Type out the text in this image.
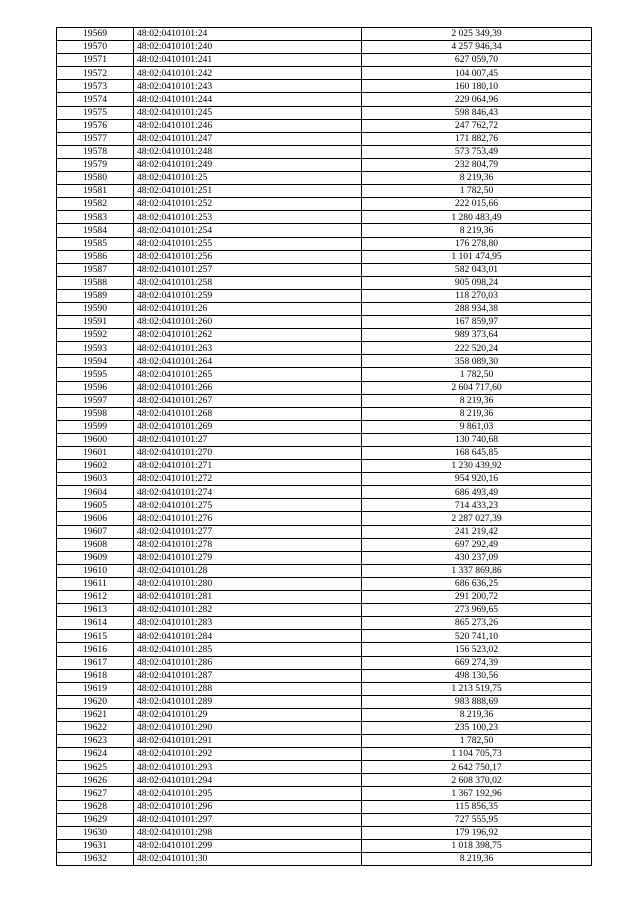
19569	48:02:0410101:24	2 025 349,39
19570	48:02:0410101:240	4 257 946,34
19571	48:02:0410101:241	627 059,70
19572	48:02:0410101:242	104 007,45
19573	48:02:0410101:243	160 180,10
19574	48:02:0410101:244	229 064,96
19575	48:02:0410101:245	598 846,43
19576	48:02:0410101:246	247 762,72
19577	48:02:0410101:247	171 882,76
19578	48:02:0410101:248	573 753,49
19579	48:02:0410101:249	232 804,79
19580	48:02:0410101:25	8 219,36
19581	48:02:0410101:251	1 782,50
19582	48:02:0410101:252	222 015,66
19583	48:02:0410101:253	1 280 483,49
19584	48:02:0410101:254	8 219,36
19585	48:02:0410101:255	176 278,80
19586	48:02:0410101:256	1 101 474,95
19587	48:02:0410101:257	582 043,01
19588	48:02:0410101:258	905 098,24
19589	48:02:0410101:259	118 270,03
19590	48:02:0410101:26	288 934,38
19591	48:02:0410101:260	167 859,97
19592	48:02:0410101:262	989 373,64
19593	48:02:0410101:263	222 520,24
19594	48:02:0410101:264	358 089,30
19595	48:02:0410101:265	1 782,50
19596	48:02:0410101:266	2 604 717,60
19597	48:02:0410101:267	8 219,36
19598	48:02:0410101:268	8 219,36
19599	48:02:0410101:269	9 861,03
19600	48:02:0410101:27	130 740,68
19601	48:02:0410101:270	168 645,85
19602	48:02:0410101:271	1 230 439,92
19603	48:02:0410101:272	954 920,16
19604	48:02:0410101:274	686 493,49
19605	48:02:0410101:275	714 433,23
19606	48:02:0410101:276	2 287 027,39
19607	48:02:0410101:277	241 219,42
19608	48:02:0410101:278	697 292,49
19609	48:02:0410101:279	430 237,09
19610	48:02:0410101:28	1 337 869,86
19611	48:02:0410101:280	686 636,25
19612	48:02:0410101:281	291 200,72
19613	48:02:0410101:282	273 969,65
19614	48:02:0410101:283	865 273,26
19615	48:02:0410101:284	520 741,10
19616	48:02:0410101:285	156 523,02
19617	48:02:0410101:286	669 274,39
19618	48:02:0410101:287	498 130,56
19619	48:02:0410101:288	1 213 519,75
19620	48:02:0410101:289	983 888,69
19621	48:02:0410101:29	8 219,36
19622	48:02:0410101:290	235 100,23
19623	48:02:0410101:291	1 782,50
19624	48:02:0410101:292	1 104 705,73
19625	48:02:0410101:293	2 642 750,17
19626	48:02:0410101:294	2 608 370,02
19627	48:02:0410101:295	1 367 192,96
19628	48:02:0410101:296	115 856,35
19629	48:02:0410101:297	727 555,95
19630	48:02:0410101:298	179 196,92
19631	48:02:0410101:299	1 018 398,75
19632	48:02:0410101:30	8 219,36
